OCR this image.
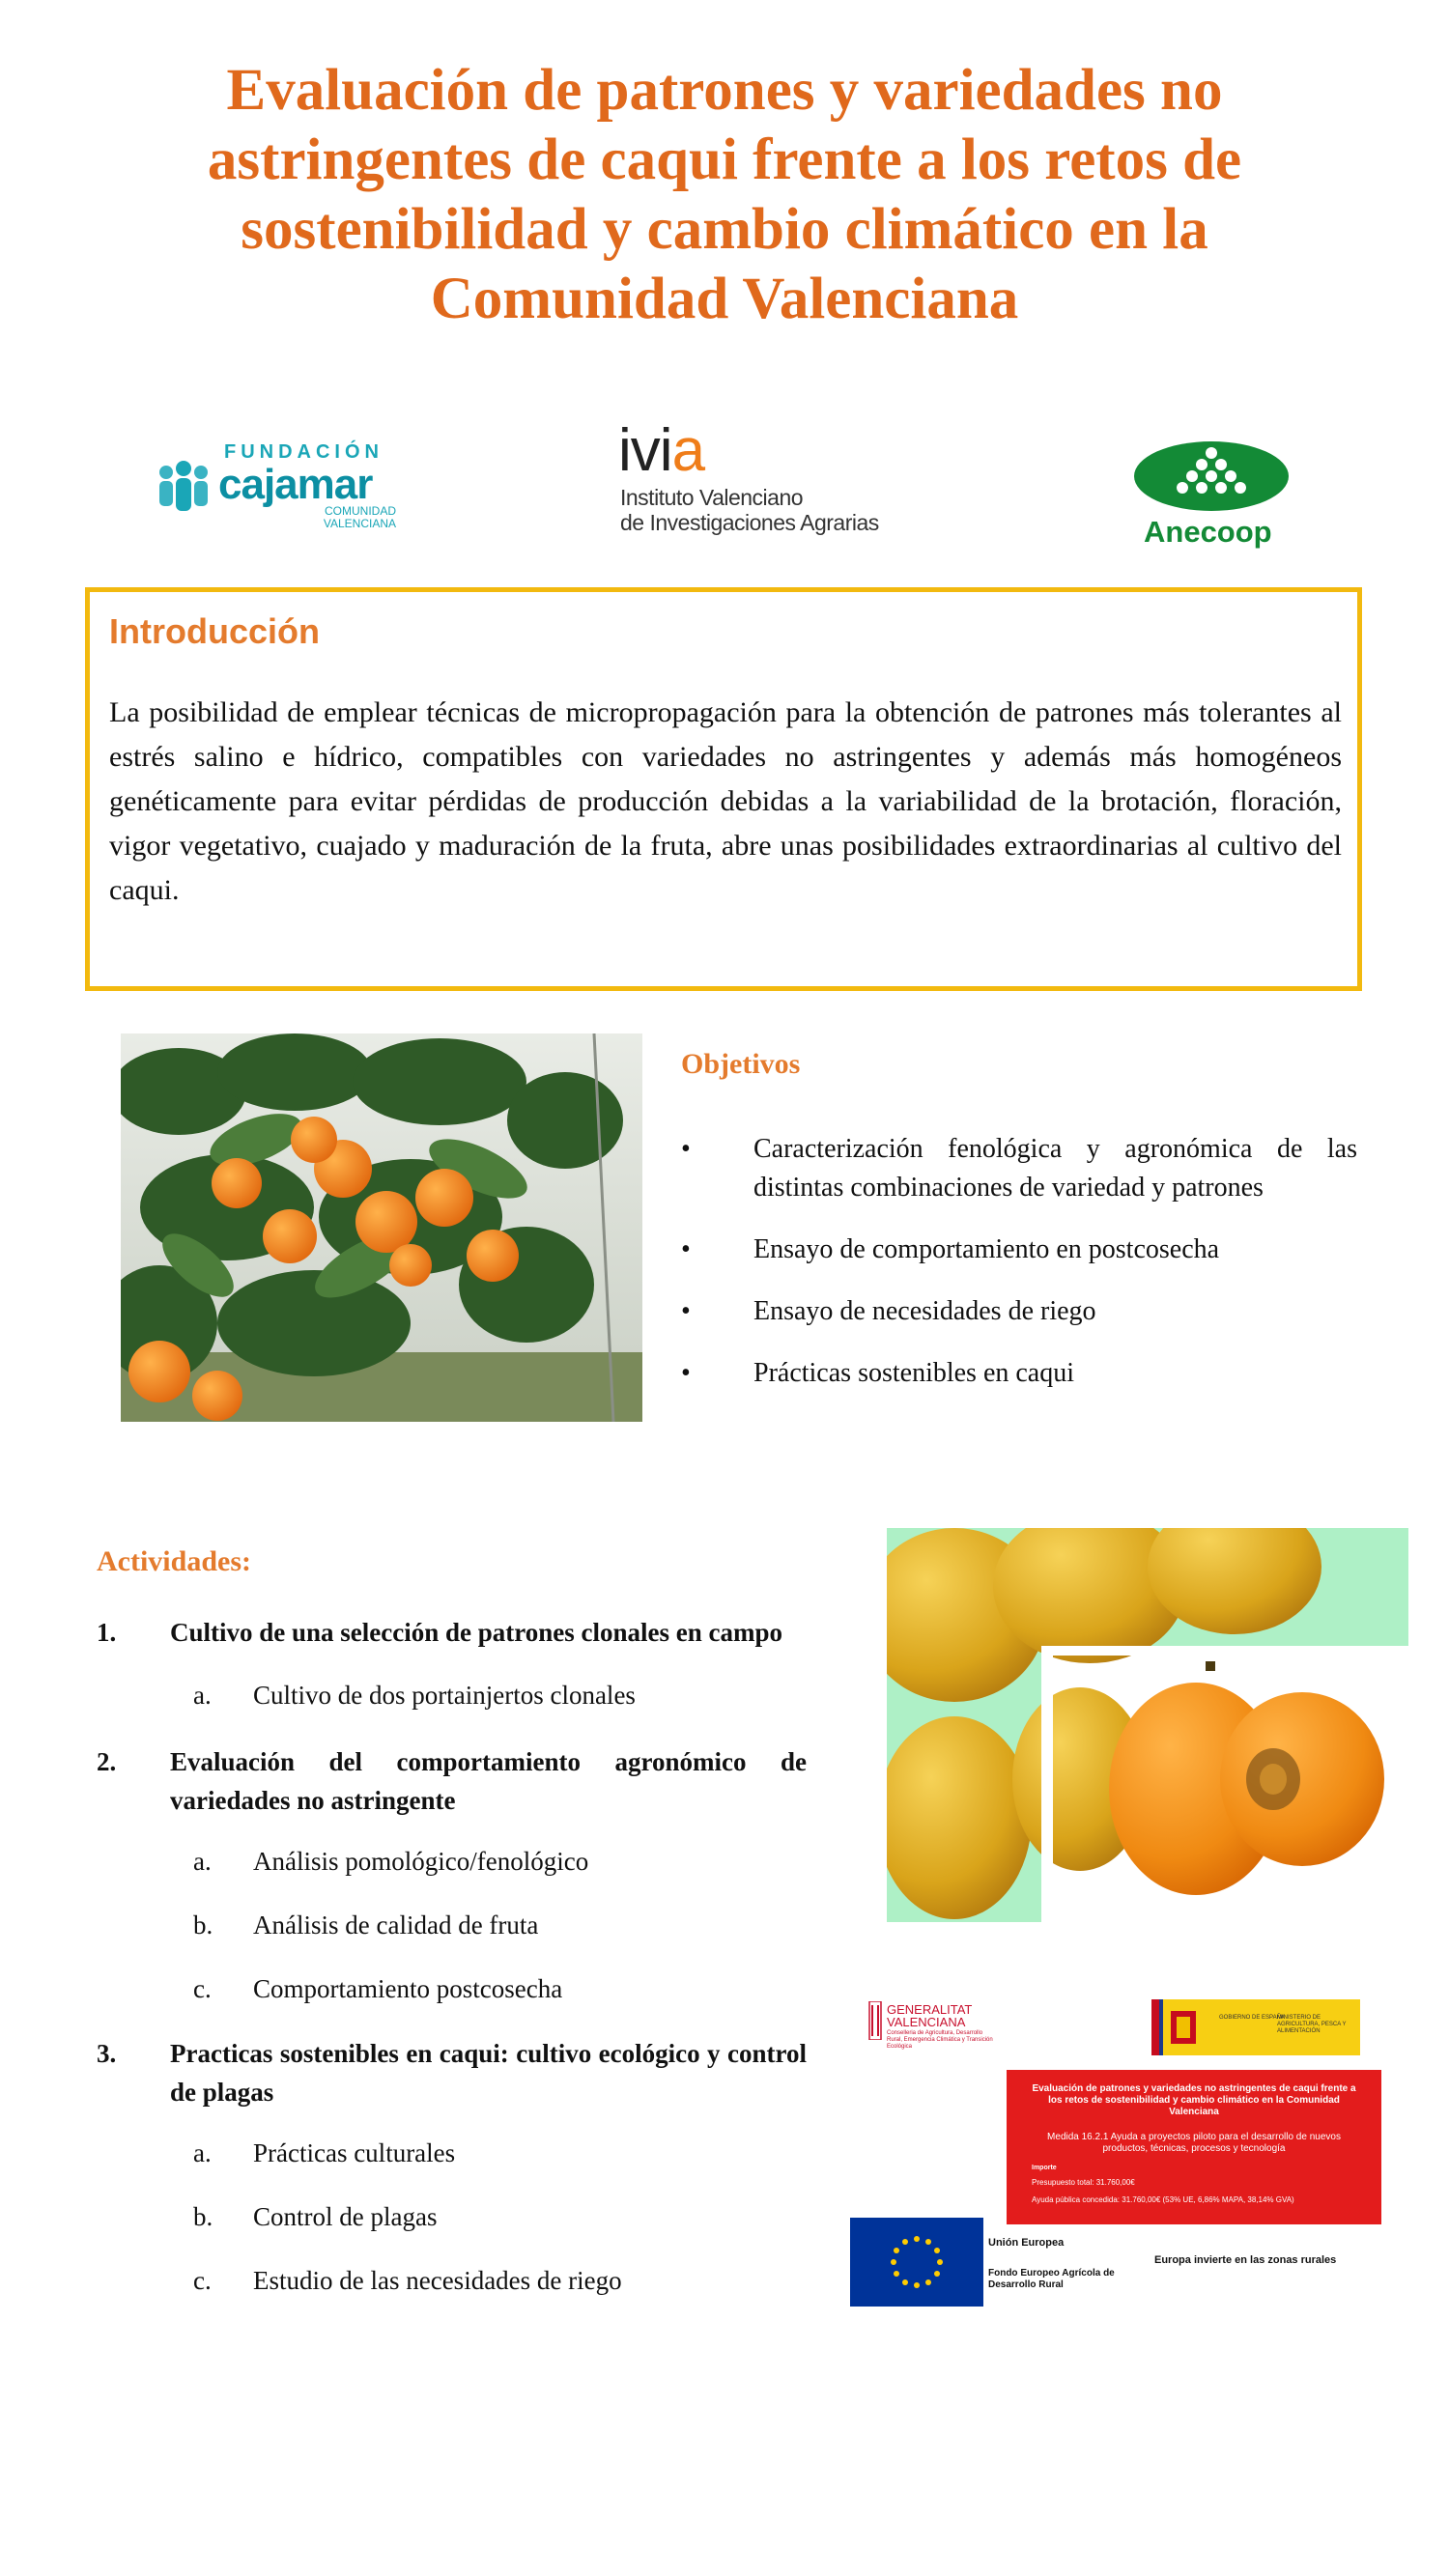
Evaluación de patrones y variedades no astringentes de caqui frente a los retos de sostenibilidad y cambio climático en la Comunidad Valenciana
FUNDACIÓN
cajamar
COMUNIDAD VALENCIANA
ivia
Instituto Valenciano
de Investigaciones Agrarias	Anecoop
Introducción

La posibilidad de emplear técnicas de micropropagación para la obtención de patrones más tolerantes al estrés salino e hídrico, compatibles con variedades no astringentes y además más homogéneos genéticamente para evitar pérdidas de producción debidas a la variabilidad de la brotación, floración, vigor vegetativo, cuajado y maduración de la fruta, abre unas posibilidades extraordinarias al cultivo del caqui.

Objetivos
• Caracterización fenológica y agronómica de las distintas combinaciones de variedad y patrones
• Ensayo de comportamiento en postcosecha
• Ensayo de necesidades de riego
• Prácticas sostenibles en caqui
Actividades:
1. Cultivo de una selección de patrones clonales en campo
a. Cultivo de dos portainjertos clonales
2. Evaluación del comportamiento agronómico de variedades no astringente
a. Análisis pomológico/fenológico
b. Análisis de calidad de fruta
c. Comportamiento postcosecha
3. Practicas sostenibles en caqui: cultivo ecológico y control de plagas
a. Prácticas culturales
b. Control de plagas
c. Estudio de las necesidades de riego
GENERALITAT VALENCIANA
Conselleria de Agricultura, Desarrollo Rural, Emergencia Climática y Transición Ecológica
GOBIERNO DE ESPAÑA
MINISTERIO DE AGRICULTURA, PESCA Y ALIMENTACIÓN
Evaluación de patrones y variedades no astringentes de caqui frente a los retos de sostenibilidad y cambio climático en la Comunidad Valenciana
Medida 16.2.1 Ayuda a proyectos piloto para el desarrollo de nuevos productos, técnicas, procesos y tecnología
Importe
Presupuesto total: 31.760,00€
Ayuda pública concedida: 31.760,00€ (53% UE, 6,86% MAPA, 38,14% GVA)
Unión Europea
Fondo Europeo Agrícola de Desarrollo Rural
Europa invierte en las zonas rurales
